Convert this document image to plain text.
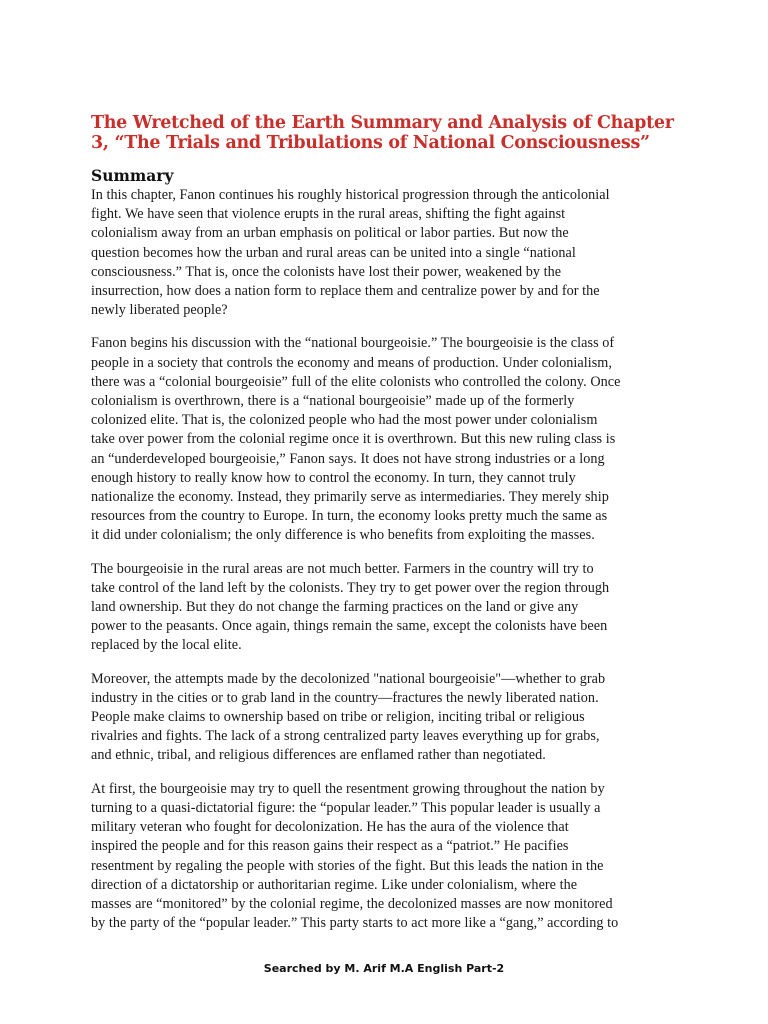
The Wretched of the Earth Summary and Analysis of Chapter 3, “The Trials and Tribulations of National Consciousness”
Summary

In this chapter, Fanon continues his roughly historical progression through the anticolonial
fight. We have seen that violence erupts in the rural areas, shifting the fight against
colonialism away from an urban emphasis on political or labor parties. But now the
question becomes how the urban and rural areas can be united into a single “national
consciousness.” That is, once the colonists have lost their power, weakened by the
insurrection, how does a nation form to replace them and centralize power by and for the
newly liberated people?

Fanon begins his discussion with the “national bourgeoisie.” The bourgeoisie is the class of
people in a society that controls the economy and means of production. Under colonialism,
there was a “colonial bourgeoisie” full of the elite colonists who controlled the colony. Once
colonialism is overthrown, there is a “national bourgeoisie” made up of the formerly
colonized elite. That is, the colonized people who had the most power under colonialism
take over power from the colonial regime once it is overthrown. But this new ruling class is
an “underdeveloped bourgeoisie,” Fanon says. It does not have strong industries or a long
enough history to really know how to control the economy. In turn, they cannot truly
nationalize the economy. Instead, they primarily serve as intermediaries. They merely ship
resources from the country to Europe. In turn, the economy looks pretty much the same as
it did under colonialism; the only difference is who benefits from exploiting the masses.

The bourgeoisie in the rural areas are not much better. Farmers in the country will try to
take control of the land left by the colonists. They try to get power over the region through
land ownership. But they do not change the farming practices on the land or give any
power to the peasants. Once again, things remain the same, except the colonists have been
replaced by the local elite.

Moreover, the attempts made by the decolonized "national bourgeoisie"—whether to grab
industry in the cities or to grab land in the country—fractures the newly liberated nation.
People make claims to ownership based on tribe or religion, inciting tribal or religious
rivalries and fights. The lack of a strong centralized party leaves everything up for grabs,
and ethnic, tribal, and religious differences are enflamed rather than negotiated.

At first, the bourgeoisie may try to quell the resentment growing throughout the nation by
turning to a quasi-dictatorial figure: the “popular leader.” This popular leader is usually a
military veteran who fought for decolonization. He has the aura of the violence that
inspired the people and for this reason gains their respect as a “patriot.” He pacifies
resentment by regaling the people with stories of the fight. But this leads the nation in the
direction of a dictatorship or authoritarian regime. Like under colonialism, where the
masses are “monitored” by the colonial regime, the decolonized masses are now monitored
by the party of the “popular leader.” This party starts to act more like a “gang,” according to

Searched by M. Arif M.A English Part-2
